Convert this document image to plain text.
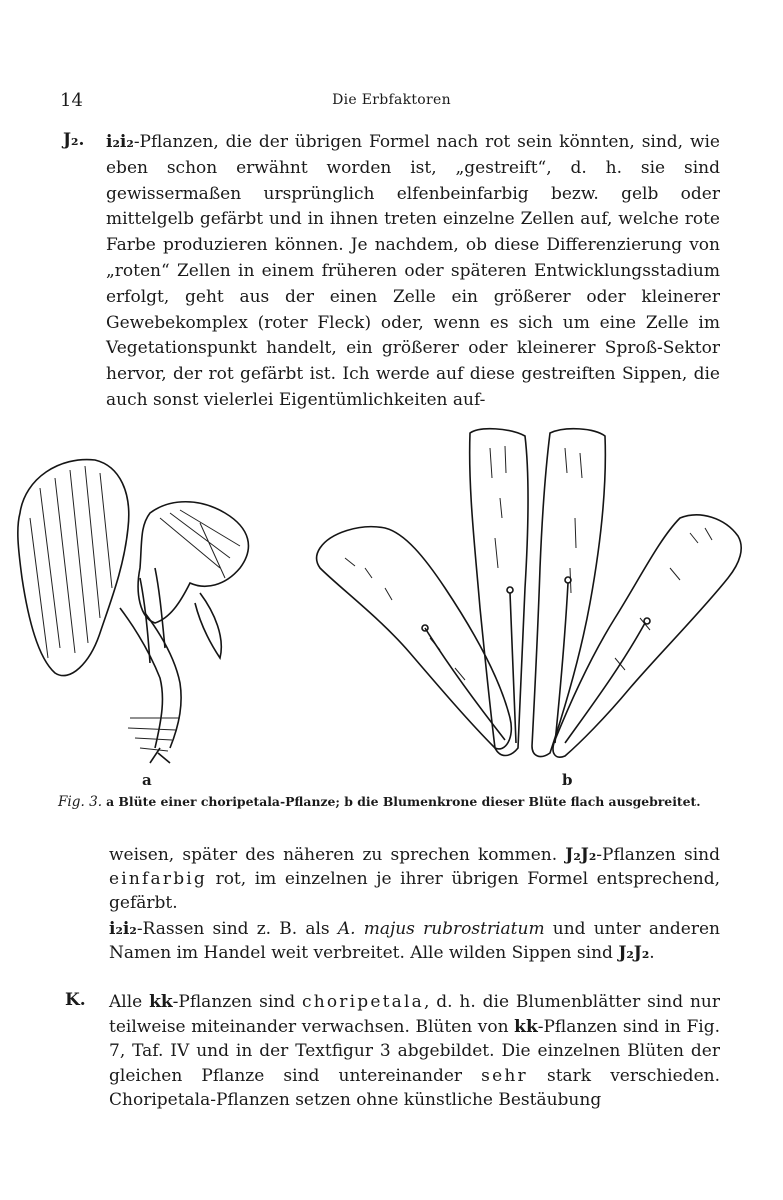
14	Die Erbfaktoren
J₂. i₂i₂-Pflanzen, die der übrigen Formel nach rot sein könnten, sind, wie eben schon erwähnt worden ist, „gestreift“, d. h. sie sind gewissermaßen ursprünglich elfenbeinfarbig bezw. gelb oder mittelgelb gefärbt und in ihnen treten einzelne Zellen auf, welche rote Farbe produzieren können. Je nachdem, ob diese Differenzierung von „roten“ Zellen in einem früheren oder späteren Entwicklungsstadium erfolgt, geht aus der einen Zelle ein größerer oder kleinerer Gewebekomplex (roter Fleck) oder, wenn es sich um eine Zelle im Vegetationspunkt handelt, ein größerer oder kleinerer Sproß-Sektor hervor, der rot gefärbt ist. Ich werde auf diese gestreiften Sippen, die auch sonst vielerlei Eigentümlichkeiten auf-
a	b
Fig. 3. a Blüte einer choripetala-Pflanze; b die Blumenkrone dieser Blüte flach ausgebreitet.
weisen, später des näheren zu sprechen kommen. J₂J₂-Pflanzen sind einfarbig rot, im einzelnen je ihrer übrigen Formel entsprechend, gefärbt.
i₂i₂-Rassen sind z. B. als A. majus rubrostriatum und unter anderen Namen im Handel weit verbreitet. Alle wilden Sippen sind J₂J₂.
K. Alle kk-Pflanzen sind choripetala, d. h. die Blumenblätter sind nur teilweise miteinander verwachsen. Blüten von kk-Pflanzen sind in Fig. 7, Taf. IV und in der Textfigur 3 abgebildet. Die einzelnen Blüten der gleichen Pflanze sind untereinander sehr stark verschieden. Choripetala-Pflanzen setzen ohne künstliche Bestäubung
